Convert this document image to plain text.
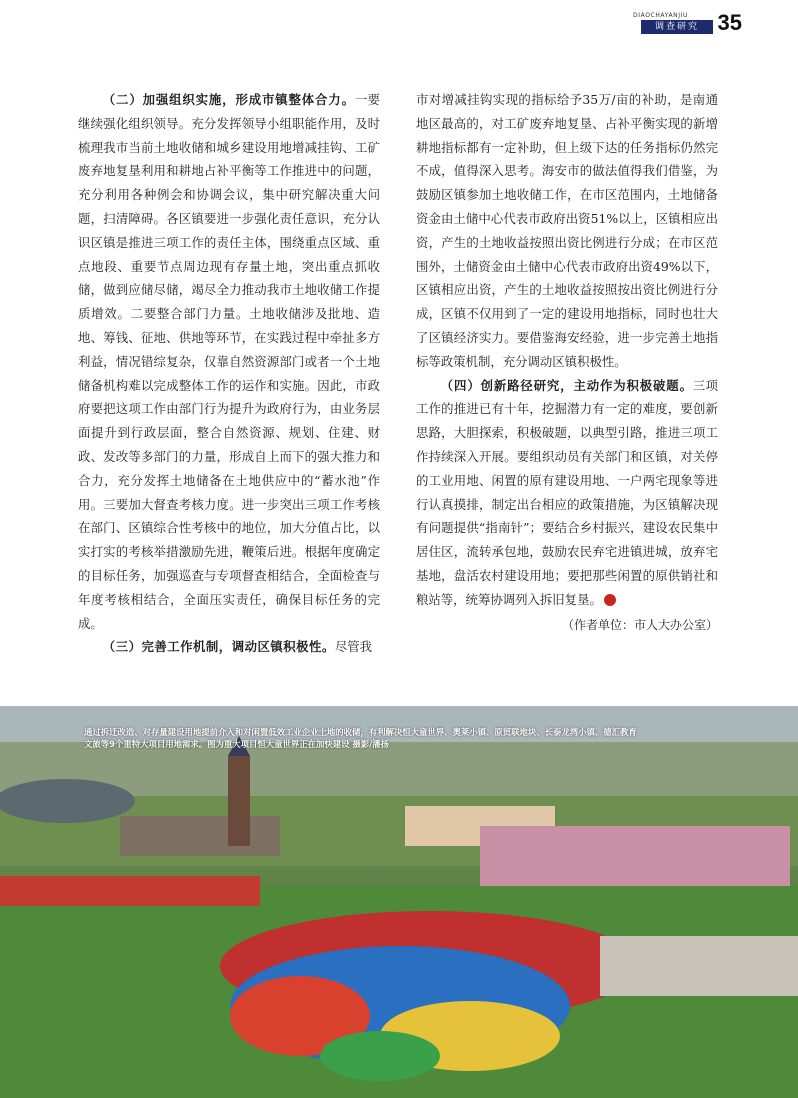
DIAOCHAYANJIU
调查研究 35

（二）加强组织实施，形成市镇整体合力。一要继续强化组织领导。充分发挥领导小组职能作用，及时梳理我市当前土地收储和城乡建设用地增减挂钩、工矿废弃地复垦利用和耕地占补平衡等工作推进中的问题，充分利用各种例会和协调会议，集中研究解决重大问题，扫清障碍。各区镇要进一步强化责任意识，充分认识区镇是推进三项工作的责任主体，围绕重点区域、重点地段、重要节点周边现有存量土地，突出重点抓收储，做到应储尽储，竭尽全力推动我市土地收储工作提质增效。二要整合部门力量。土地收储涉及批地、造地、筹钱、征地、供地等环节，在实践过程中牵扯多方利益，情况错综复杂，仅靠自然资源部门或者一个土地储备机构难以完成整体工作的运作和实施。因此，市政府要把这项工作由部门行为提升为政府行为，由业务层面提升到行政层面，整合自然资源、规划、住建、财政、发改等多部门的力量，形成自上而下的强大推力和合力，充分发挥土地储备在土地供应中的“蓄水池”作用。三要加大督查考核力度。进一步突出三项工作考核在部门、区镇综合性考核中的地位，加大分值占比，以实打实的考核举措激励先进，鞭策后进。根据年度确定的目标任务，加强巡查与专项督查相结合，全面检查与年度考核相结合，全面压实责任，确保目标任务的完成。

（三）完善工作机制，调动区镇积极性。尽管我

市对增减挂钩实现的指标给予35万/亩的补助，是南通地区最高的，对工矿废弃地复垦、占补平衡实现的新增耕地指标都有一定补助，但上级下达的任务指标仍然完不成，值得深入思考。海安市的做法值得我们借鉴，为鼓励区镇参加土地收储工作，在市区范围内，土地储备资金由土储中心代表市政府出资51%以上，区镇相应出资，产生的土地收益按照出资比例进行分成；在市区范围外，土储资金由土储中心代表市政府出资49%以下，区镇相应出资，产生的土地收益按照按出资比例进行分成，区镇不仅用到了一定的建设用地指标，同时也壮大了区镇经济实力。要借鉴海安经验，进一步完善土地指标等政策机制，充分调动区镇积极性。

（四）创新路径研究，主动作为积极破题。三项工作的推进已有十年，挖掘潜力有一定的难度，要创新思路，大胆探索，积极破题，以典型引路，推进三项工作持续深入开展。要组织动员有关部门和区镇，对关停的工业用地、闲置的原有建设用地、一户两宅现象等进行认真摸排，制定出台相应的政策措施，为区镇解决现有问题提供“指南针”；要结合乡村振兴，建设农民集中居住区，流转承包地，鼓励农民弃宅进镇进城，放弃宅基地，盘活农村建设用地；要把那些闲置的原供销社和粮站等，统筹协调列入拆旧复垦。

（作者单位：市人大办公室）

通过拆迁改造、对存量建设用地提前介入和对闲置低效工业企业土地的收储，有利解决恒大童世界、奥莱小镇、原贸联地块、长泰龙湾小镇、德汇教育文旅等9个重特大项目用地需求。图为重大项目恒大童世界正在加快建设 摄影/潘扬
